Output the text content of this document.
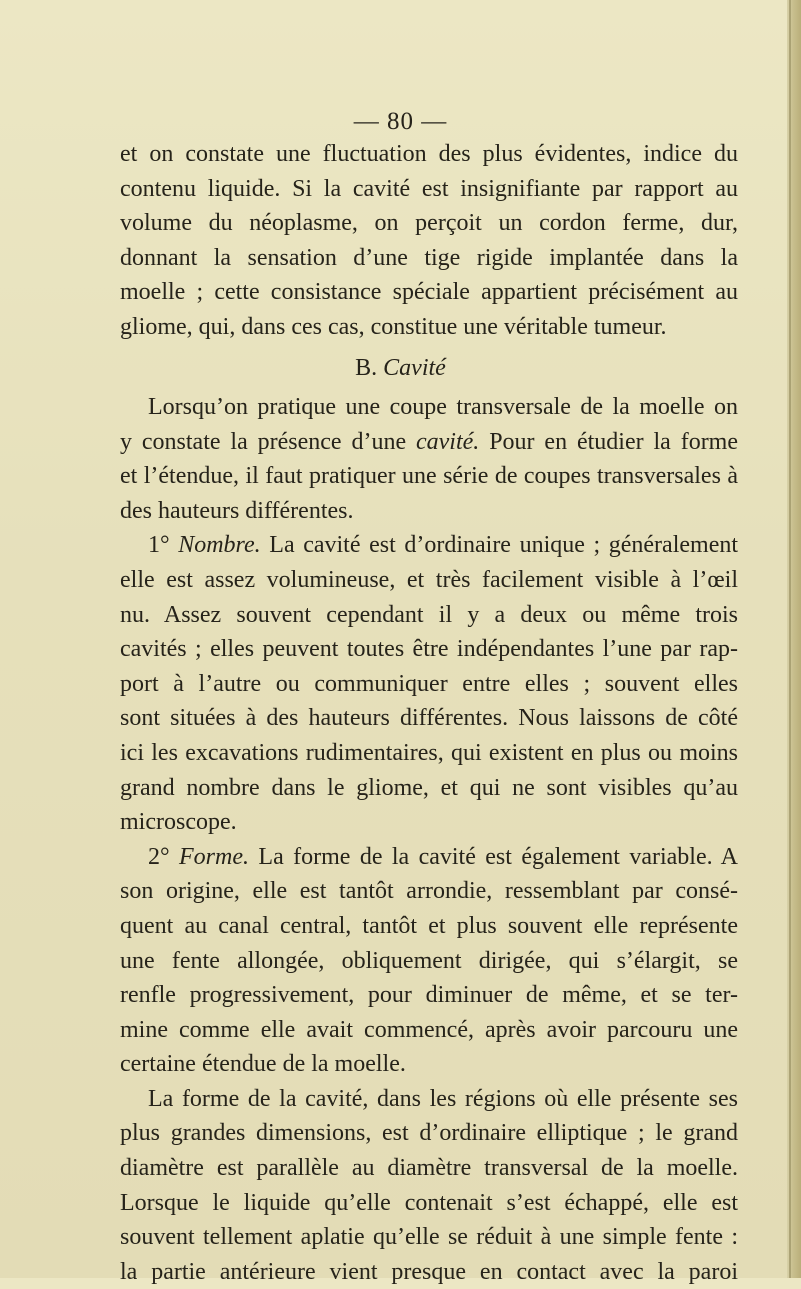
— 80 —

et on constate une fluctuation des plus évidentes, indice du

contenu liquide. Si la cavité est insignifiante par rapport au

volume du néoplasme, on perçoit un cordon ferme, dur,

donnant la sensation d’une tige rigide implantée dans la

moelle ; cette consistance spéciale appartient précisément au

gliome, qui, dans ces cas, constitue une véritable tumeur.

B. Cavité

Lorsqu’on pratique une coupe transversale de la moelle on

y constate la présence d’une cavité. Pour en étudier la forme

et l’étendue, il faut pratiquer une série de coupes transversales à

des hauteurs différentes.

1° Nombre. La cavité est d’ordinaire unique ; généralement

elle est assez volumineuse, et très facilement visible à l’œil

nu. Assez souvent cependant il y a deux ou même trois

cavités ; elles peuvent toutes être indépendantes l’une par rap-

port à l’autre ou communiquer entre elles ; souvent elles

sont situées à des hauteurs différentes. Nous laissons de côté

ici les excavations rudimentaires, qui existent en plus ou moins

grand nombre dans le gliome, et qui ne sont visibles qu’au

microscope.

2° Forme. La forme de la cavité est également variable. A

son origine, elle est tantôt arrondie, ressemblant par consé-

quent au canal central, tantôt et plus souvent elle représente

une fente allongée, obliquement dirigée, qui s’élargit, se

renfle progressivement, pour diminuer de même, et se ter-

mine comme elle avait commencé, après avoir parcouru une

certaine étendue de la moelle.

La forme de la cavité, dans les régions où elle présente ses

plus grandes dimensions, est d’ordinaire elliptique ; le grand

diamètre est parallèle au diamètre transversal de la moelle.

Lorsque le liquide qu’elle contenait s’est échappé, elle est

souvent tellement aplatie qu’elle se réduit à une simple fente :

la partie antérieure vient presque en contact avec la paroi
